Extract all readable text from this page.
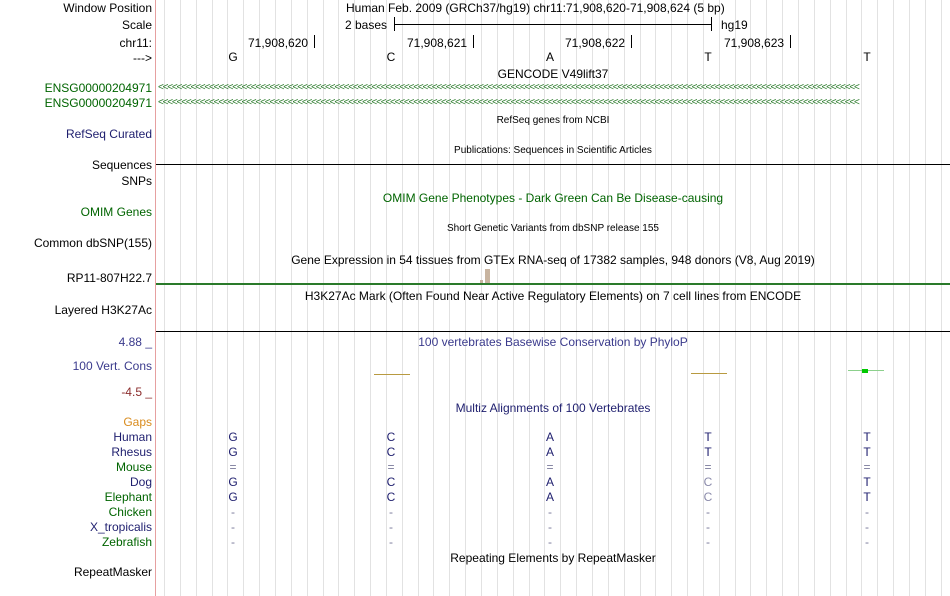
Window Position	Human Feb. 2009 (GRCh37/hg19) chr11:71,908,620-71,908,624 (5 bp)
Scale	2 bases	hg19
chr11:	71,908,620	71,908,621	71,908,622	71,908,623
--->	G	C	A	T	T
GENCODE V49lift37
ENSG00000204971 <<<<<<<<<<<<<<<<<<<<<<<<<<<<<<<<<<<<<<<<<<<<<<<<<<<<<<<<<<<<<<<<<<<<<<<<<<<<<<<<<<<<<<<<<<<<<<<<<<<<<<<<<<<<<<<<<<<<<<<<<<<<<<<<<<<<<<<<<<<<<<<<<<<<<<<
ENSG00000204971 <<<<<<<<<<<<<<<<<<<<<<<<<<<<<<<<<<<<<<<<<<<<<<<<<<<<<<<<<<<<<<<<<<<<<<<<<<<<<<<<<<<<<<<<<<<<<<<<<<<<<<<<<<<<<<<<<<<<<<<<<<<<<<<<<<<<<<<<<<<<<<<<<<<<<<<
RefSeq genes from NCBI
RefSeq Curated
Publications: Sequences in Scientific Articles
Sequences
SNPs
OMIM Gene Phenotypes - Dark Green Can Be Disease-causing
OMIM Genes
Short Genetic Variants from dbSNP release 155
Common dbSNP(155)
Gene Expression in 54 tissues from GTEx RNA-seq of 17382 samples, 948 donors (V8, Aug 2019)
RP11-807H22.7
H3K27Ac Mark (Often Found Near Active Regulatory Elements) on 7 cell lines from ENCODE
Layered H3K27Ac
4.88 _	100 vertebrates Basewise Conservation by PhyloP
100 Vert. Cons
-4.5 _
Multiz Alignments of 100 Vertebrates
Gaps
Human	G	C	A	T	T
Rhesus	G	C	A	T	T
Mouse	=	=	=	=	=
Dog	G	C	A	C	T
Elephant	G	C	A	C	T
Chicken	-	-	-	-	-
X_tropicalis	-	-	-	-	-
Zebrafish	-	-	-	-	-
Repeating Elements by RepeatMasker
RepeatMasker
